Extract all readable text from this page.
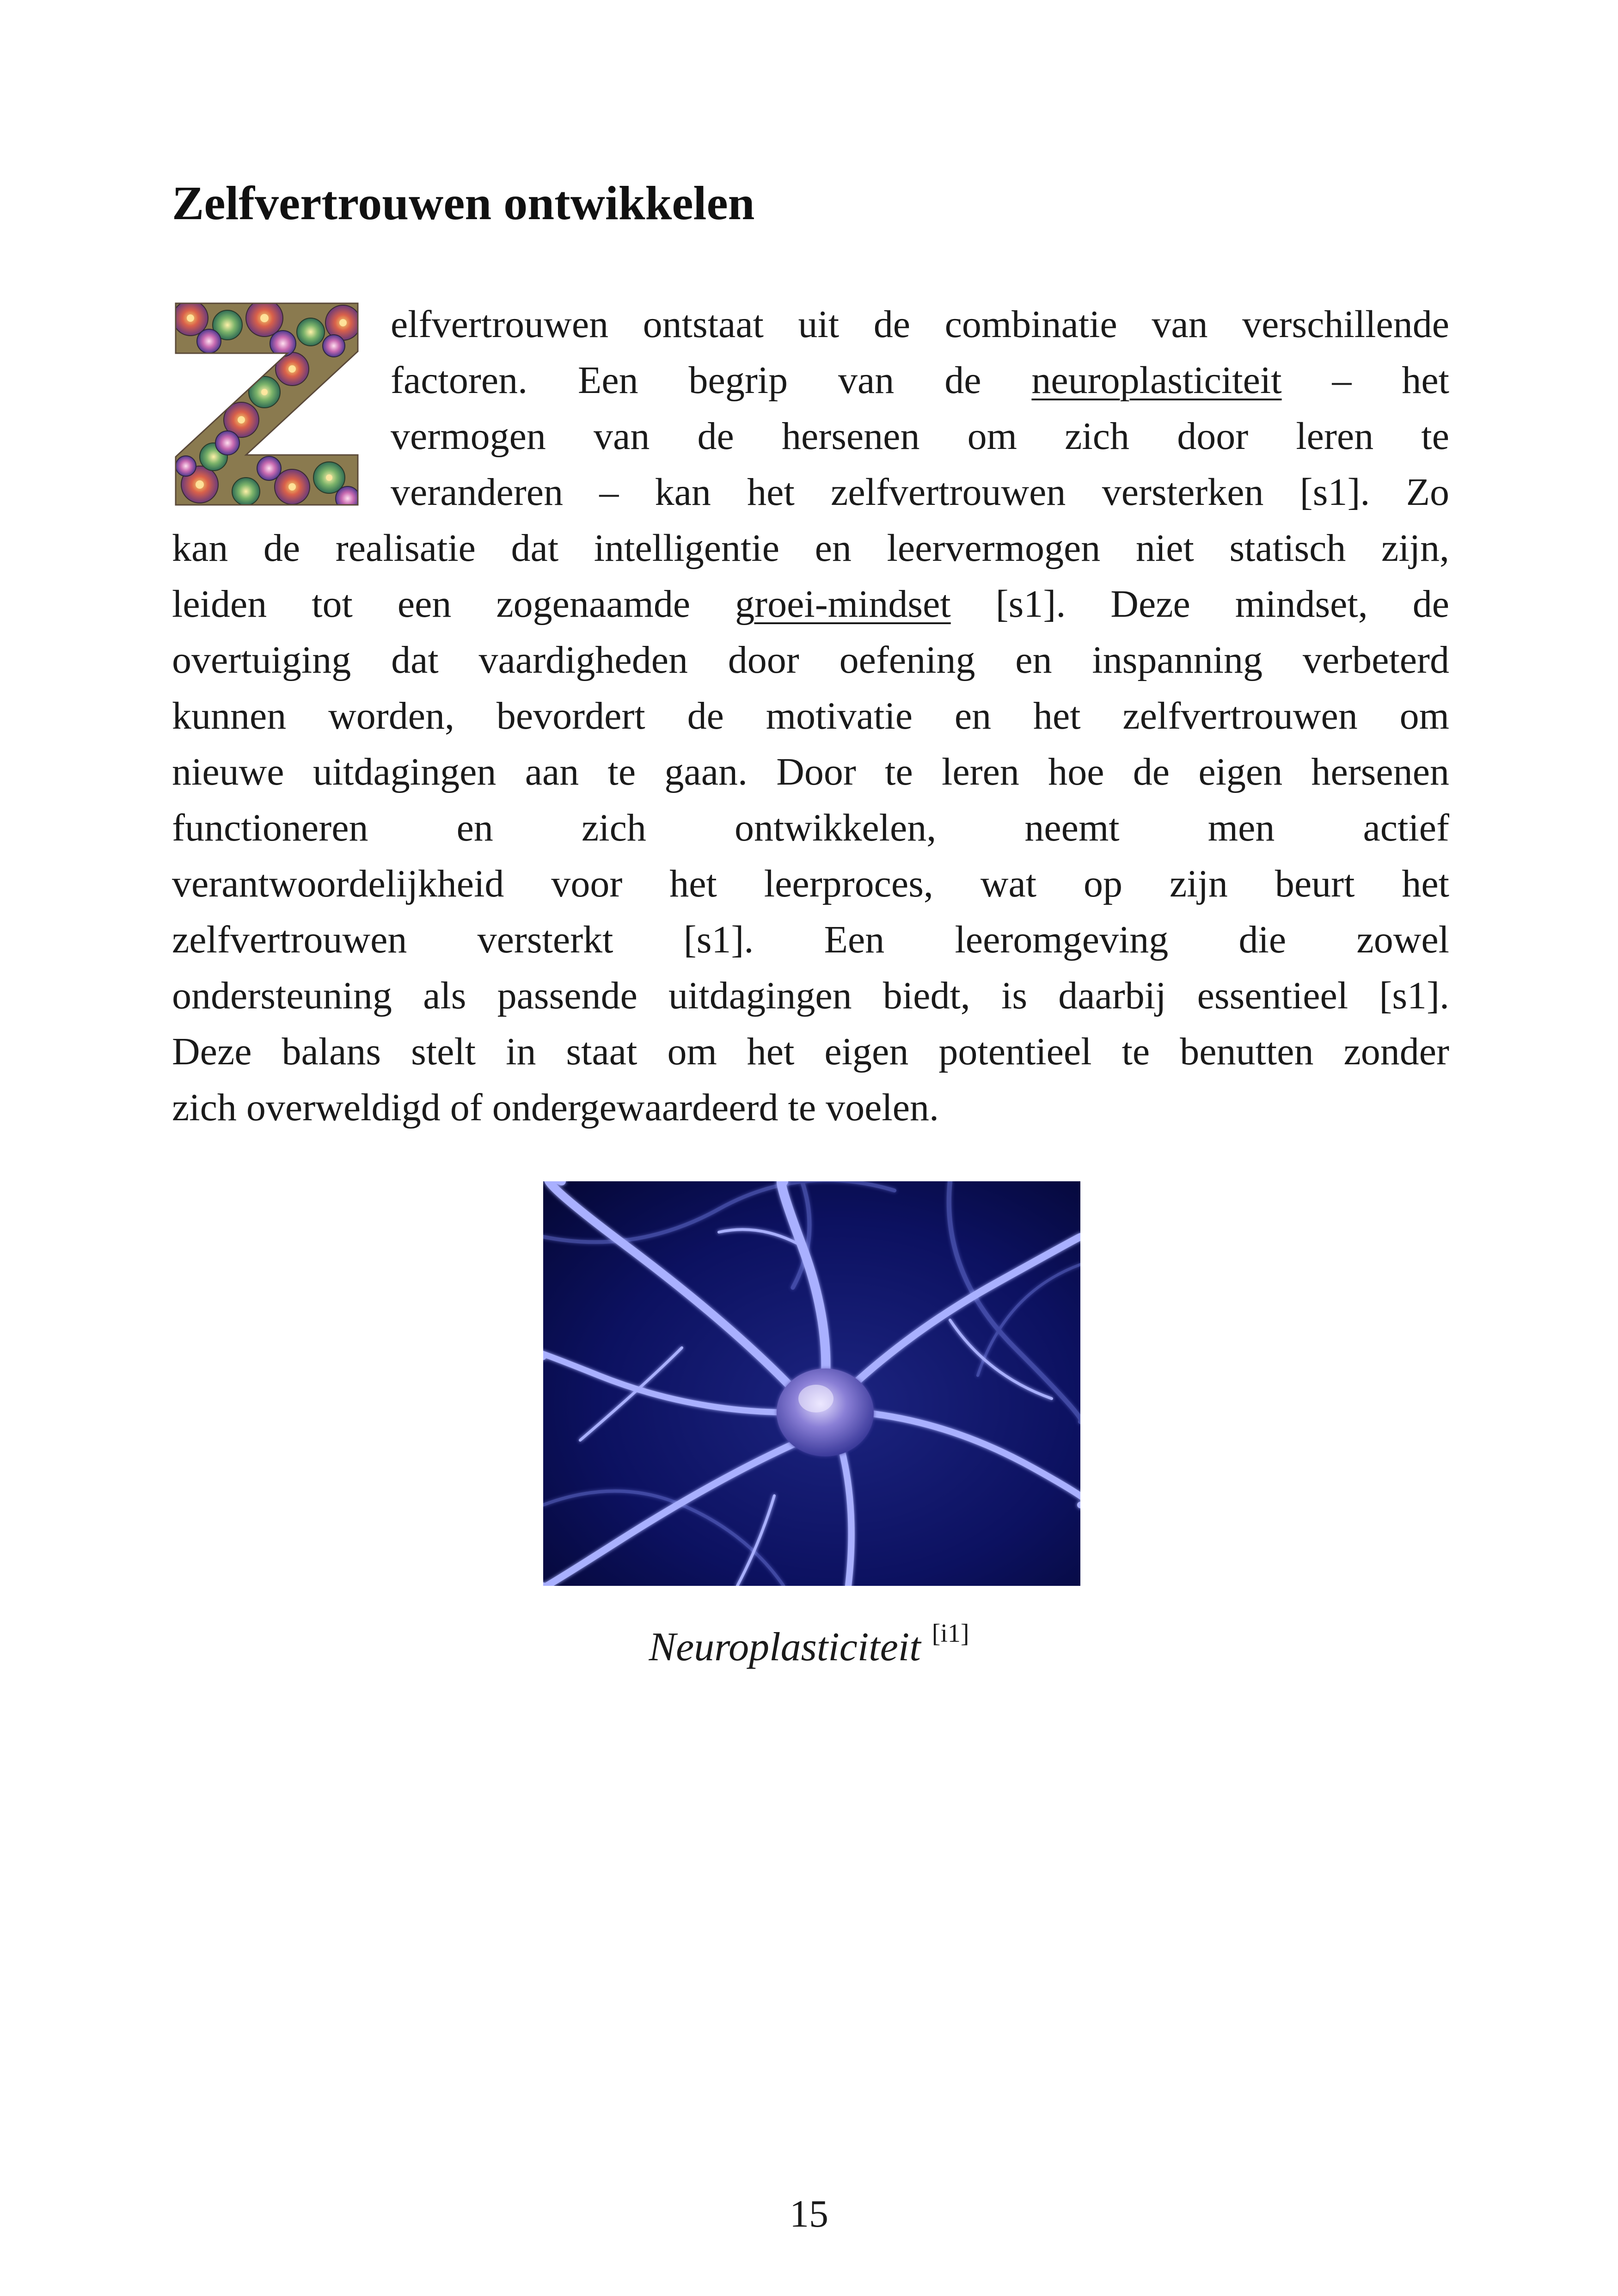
Zelfvertrouwen ontwikkelen
elfvertrouwen ontstaat uit de combinatie van verschillende
factoren. Een begrip van de neuroplasticiteit – het
vermogen van de hersenen om zich door leren te
veranderen – kan het zelfvertrouwen versterken [s1]. Zo
kan de realisatie dat intelligentie en leervermogen niet statisch zijn,
leiden tot een zogenaamde groei-mindset [s1]. Deze mindset, de
overtuiging dat vaardigheden door oefening en inspanning verbeterd
kunnen worden, bevordert de motivatie en het zelfvertrouwen om
nieuwe uitdagingen aan te gaan. Door te leren hoe de eigen hersenen
functioneren en zich ontwikkelen, neemt men actief
verantwoordelijkheid voor het leerproces, wat op zijn beurt het
zelfvertrouwen versterkt [s1]. Een leeromgeving die zowel
ondersteuning als passende uitdagingen biedt, is daarbij essentieel [s1].
Deze balans stelt in staat om het eigen potentieel te benutten zonder
zich overweldigd of ondergewaardeerd te voelen.
Neuroplasticiteit [i1]
15
